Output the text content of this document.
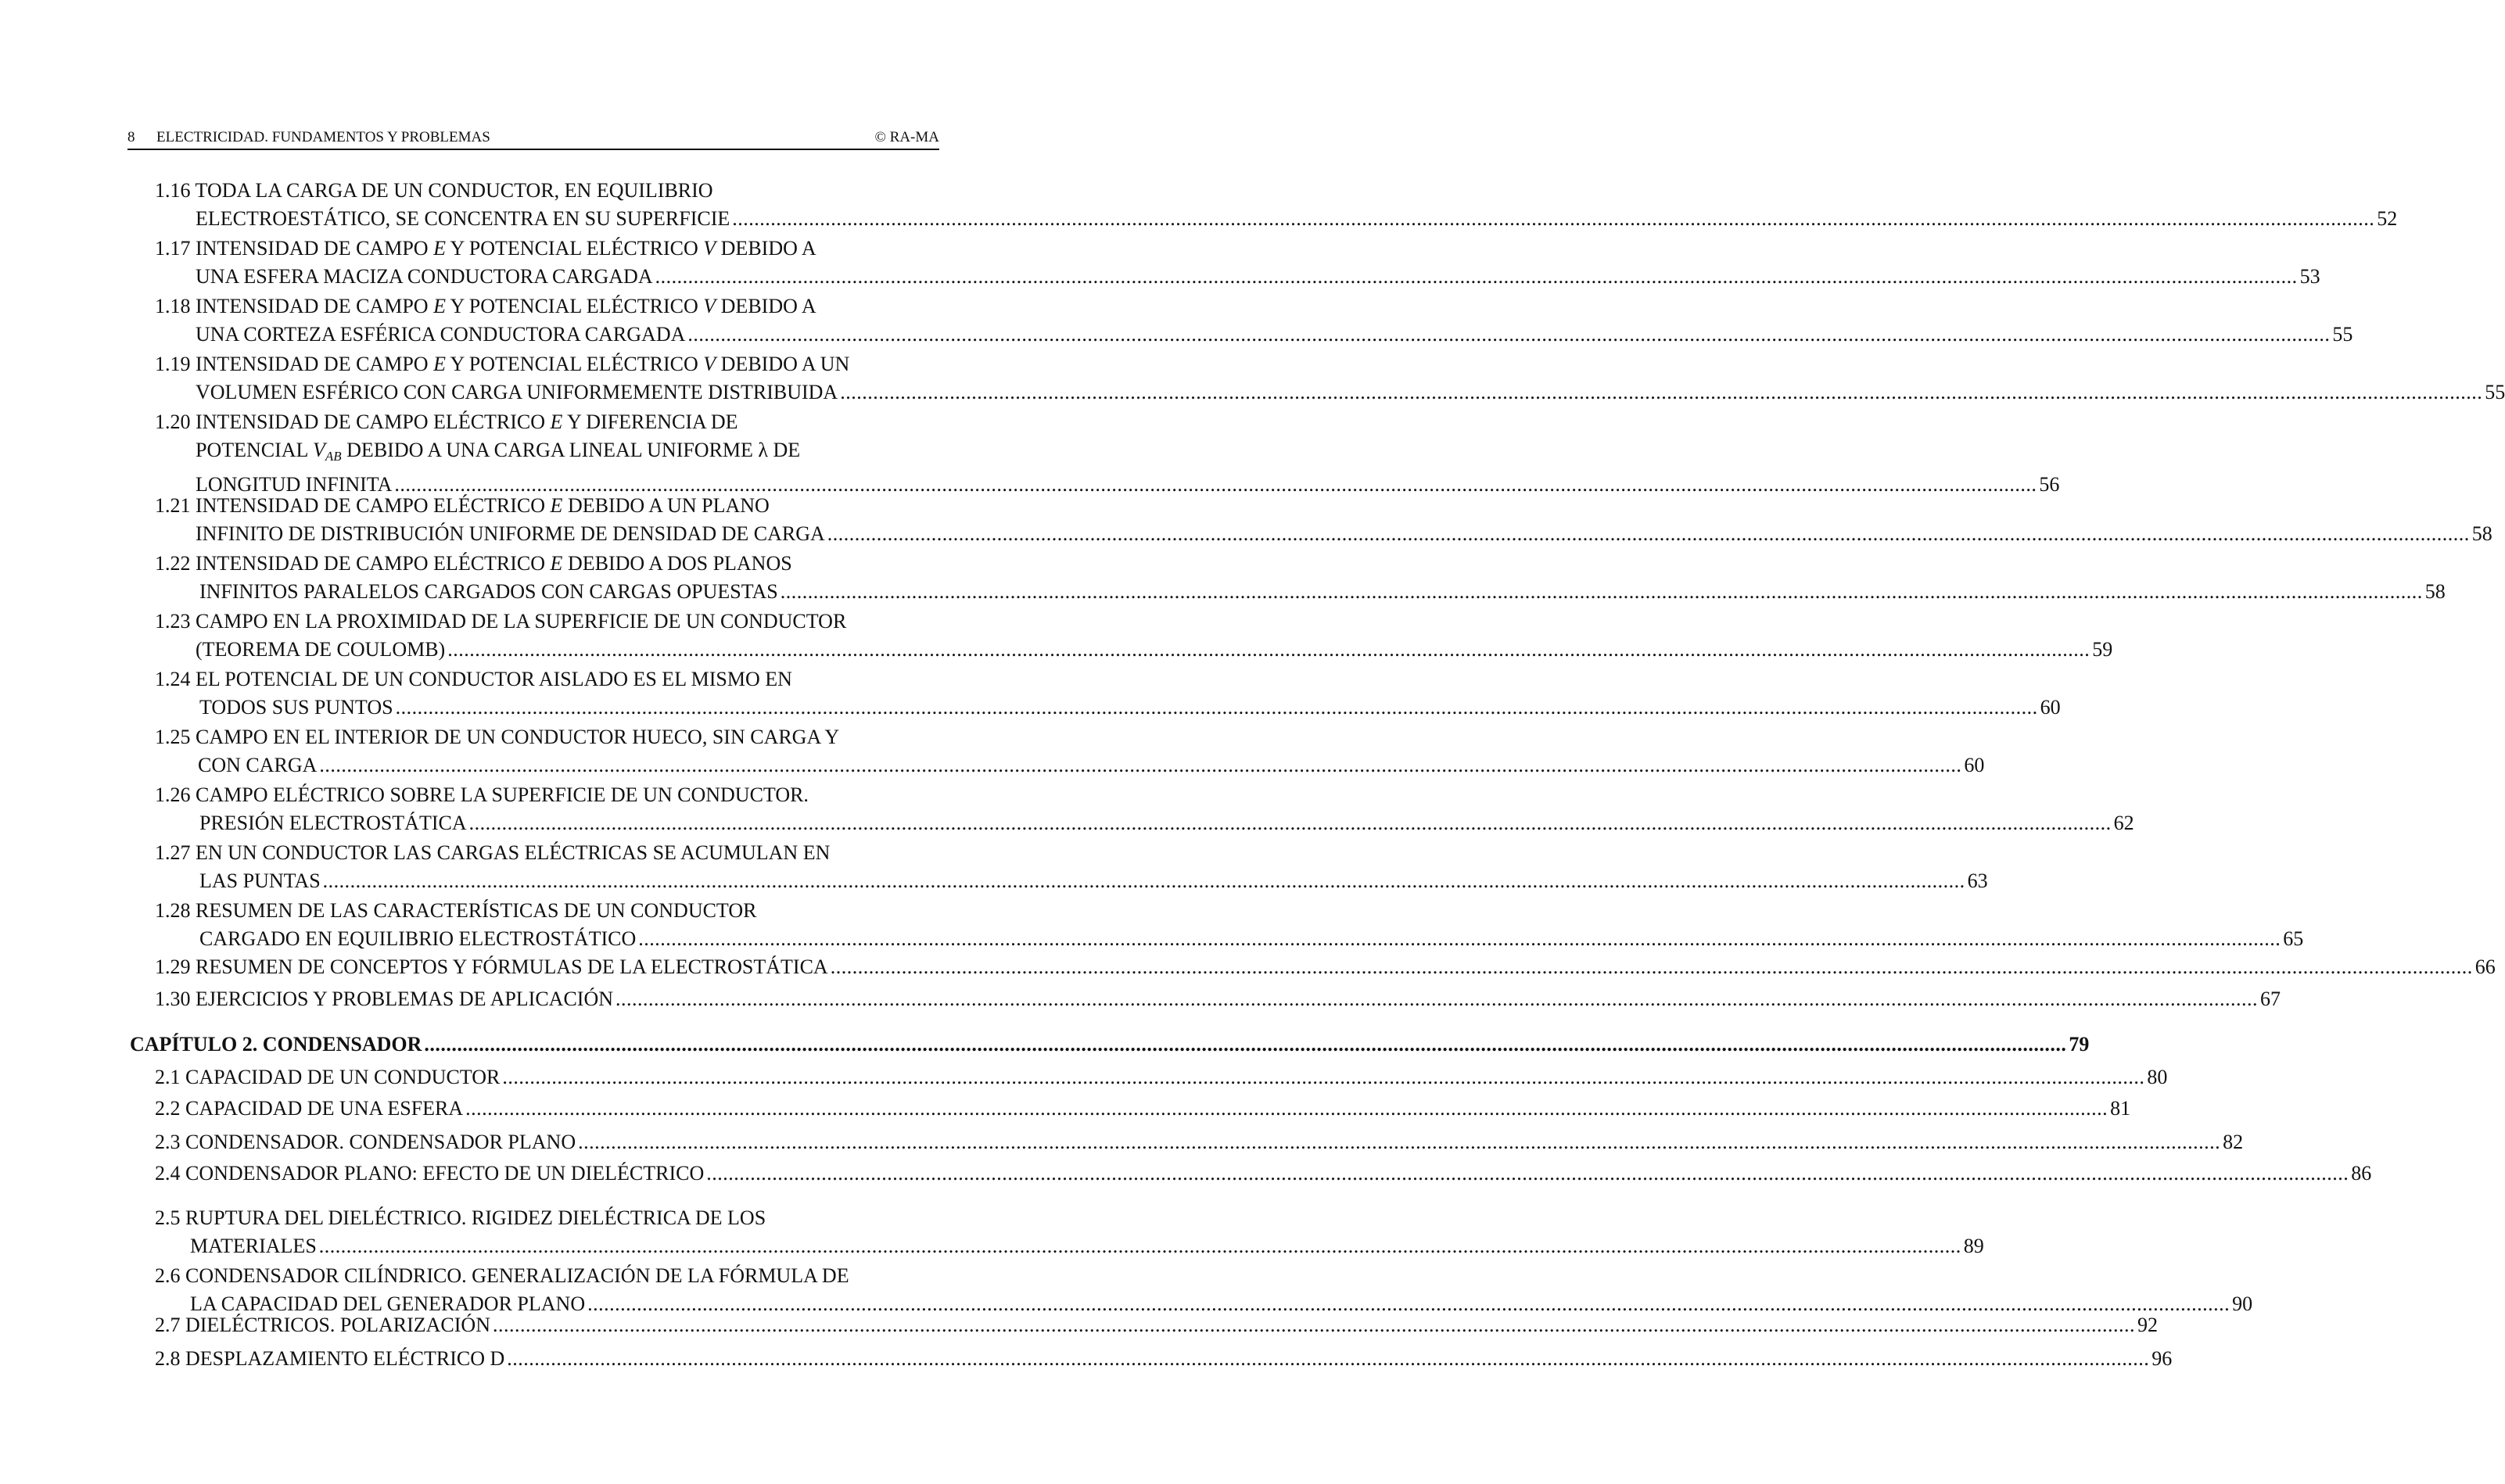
8 ELECTRICIDAD. FUNDAMENTOS Y PROBLEMAS	© RA-MA
1.16 TODA LA CARGA DE UN CONDUCTOR, EN EQUILIBRIO
ELECTROESTÁTICO, SE CONCENTRA EN SU SUPERFICIE ............................................................................................................................................................................................................................................................................................................ 52
1.17 INTENSIDAD DE CAMPO E Y POTENCIAL ELÉCTRICO V DEBIDO A
UNA ESFERA MACIZA CONDUCTORA CARGADA ............................................................................................................................................................................................................................................................................................................ 53
1.18 INTENSIDAD DE CAMPO E Y POTENCIAL ELÉCTRICO V DEBIDO A
UNA CORTEZA ESFÉRICA CONDUCTORA CARGADA ............................................................................................................................................................................................................................................................................................................ 55
1.19 INTENSIDAD DE CAMPO E Y POTENCIAL ELÉCTRICO V DEBIDO A UN
VOLUMEN ESFÉRICO CON CARGA UNIFORMEMENTE DISTRIBUIDA ............................................................................................................................................................................................................................................................................................................ 55
1.20 INTENSIDAD DE CAMPO ELÉCTRICO E Y DIFERENCIA DE
POTENCIAL $V_{AB}$ DEBIDO A UNA CARGA LINEAL UNIFORME λ DE
LONGITUD INFINITA ............................................................................................................................................................................................................................................................................................................ 56
1.21 INTENSIDAD DE CAMPO ELÉCTRICO E DEBIDO A UN PLANO
INFINITO DE DISTRIBUCIÓN UNIFORME DE DENSIDAD DE CARGA ............................................................................................................................................................................................................................................................................................................ 58
1.22 INTENSIDAD DE CAMPO ELÉCTRICO E DEBIDO A DOS PLANOS
INFINITOS PARALELOS CARGADOS CON CARGAS OPUESTAS ............................................................................................................................................................................................................................................................................................................ 58
1.23 CAMPO EN LA PROXIMIDAD DE LA SUPERFICIE DE UN CONDUCTOR
(TEOREMA DE COULOMB) ............................................................................................................................................................................................................................................................................................................ 59
1.24 EL POTENCIAL DE UN CONDUCTOR AISLADO ES EL MISMO EN
TODOS SUS PUNTOS ............................................................................................................................................................................................................................................................................................................ 60
1.25 CAMPO EN EL INTERIOR DE UN CONDUCTOR HUECO, SIN CARGA Y
CON CARGA ............................................................................................................................................................................................................................................................................................................ 60
1.26 CAMPO ELÉCTRICO SOBRE LA SUPERFICIE DE UN CONDUCTOR.
PRESIÓN ELECTROSTÁTICA ............................................................................................................................................................................................................................................................................................................ 62
1.27 EN UN CONDUCTOR LAS CARGAS ELÉCTRICAS SE ACUMULAN EN
LAS PUNTAS ............................................................................................................................................................................................................................................................................................................ 63
1.28 RESUMEN DE LAS CARACTERÍSTICAS DE UN CONDUCTOR
CARGADO EN EQUILIBRIO ELECTROSTÁTICO ............................................................................................................................................................................................................................................................................................................ 65
1.29 RESUMEN DE CONCEPTOS Y FÓRMULAS DE LA ELECTROSTÁTICA ............................................................................................................................................................................................................................................................................................................ 66
1.30 EJERCICIOS Y PROBLEMAS DE APLICACIÓN ............................................................................................................................................................................................................................................................................................................ 67
CAPÍTULO 2. CONDENSADOR ............................................................................................................................................................................................................................................................................................................ 79
2.1 CAPACIDAD DE UN CONDUCTOR ............................................................................................................................................................................................................................................................................................................ 80
2.2 CAPACIDAD DE UNA ESFERA ............................................................................................................................................................................................................................................................................................................ 81
2.3 CONDENSADOR. CONDENSADOR PLANO ............................................................................................................................................................................................................................................................................................................ 82
2.4 CONDENSADOR PLANO: EFECTO DE UN DIELÉCTRICO ............................................................................................................................................................................................................................................................................................................ 86
2.5 RUPTURA DEL DIELÉCTRICO. RIGIDEZ DIELÉCTRICA DE LOS
MATERIALES ............................................................................................................................................................................................................................................................................................................ 89
2.6 CONDENSADOR CILÍNDRICO. GENERALIZACIÓN DE LA FÓRMULA DE
LA CAPACIDAD DEL GENERADOR PLANO ............................................................................................................................................................................................................................................................................................................ 90
2.7 DIELÉCTRICOS. POLARIZACIÓN ............................................................................................................................................................................................................................................................................................................ 92
2.8 DESPLAZAMIENTO ELÉCTRICO D ............................................................................................................................................................................................................................................................................................................ 96
